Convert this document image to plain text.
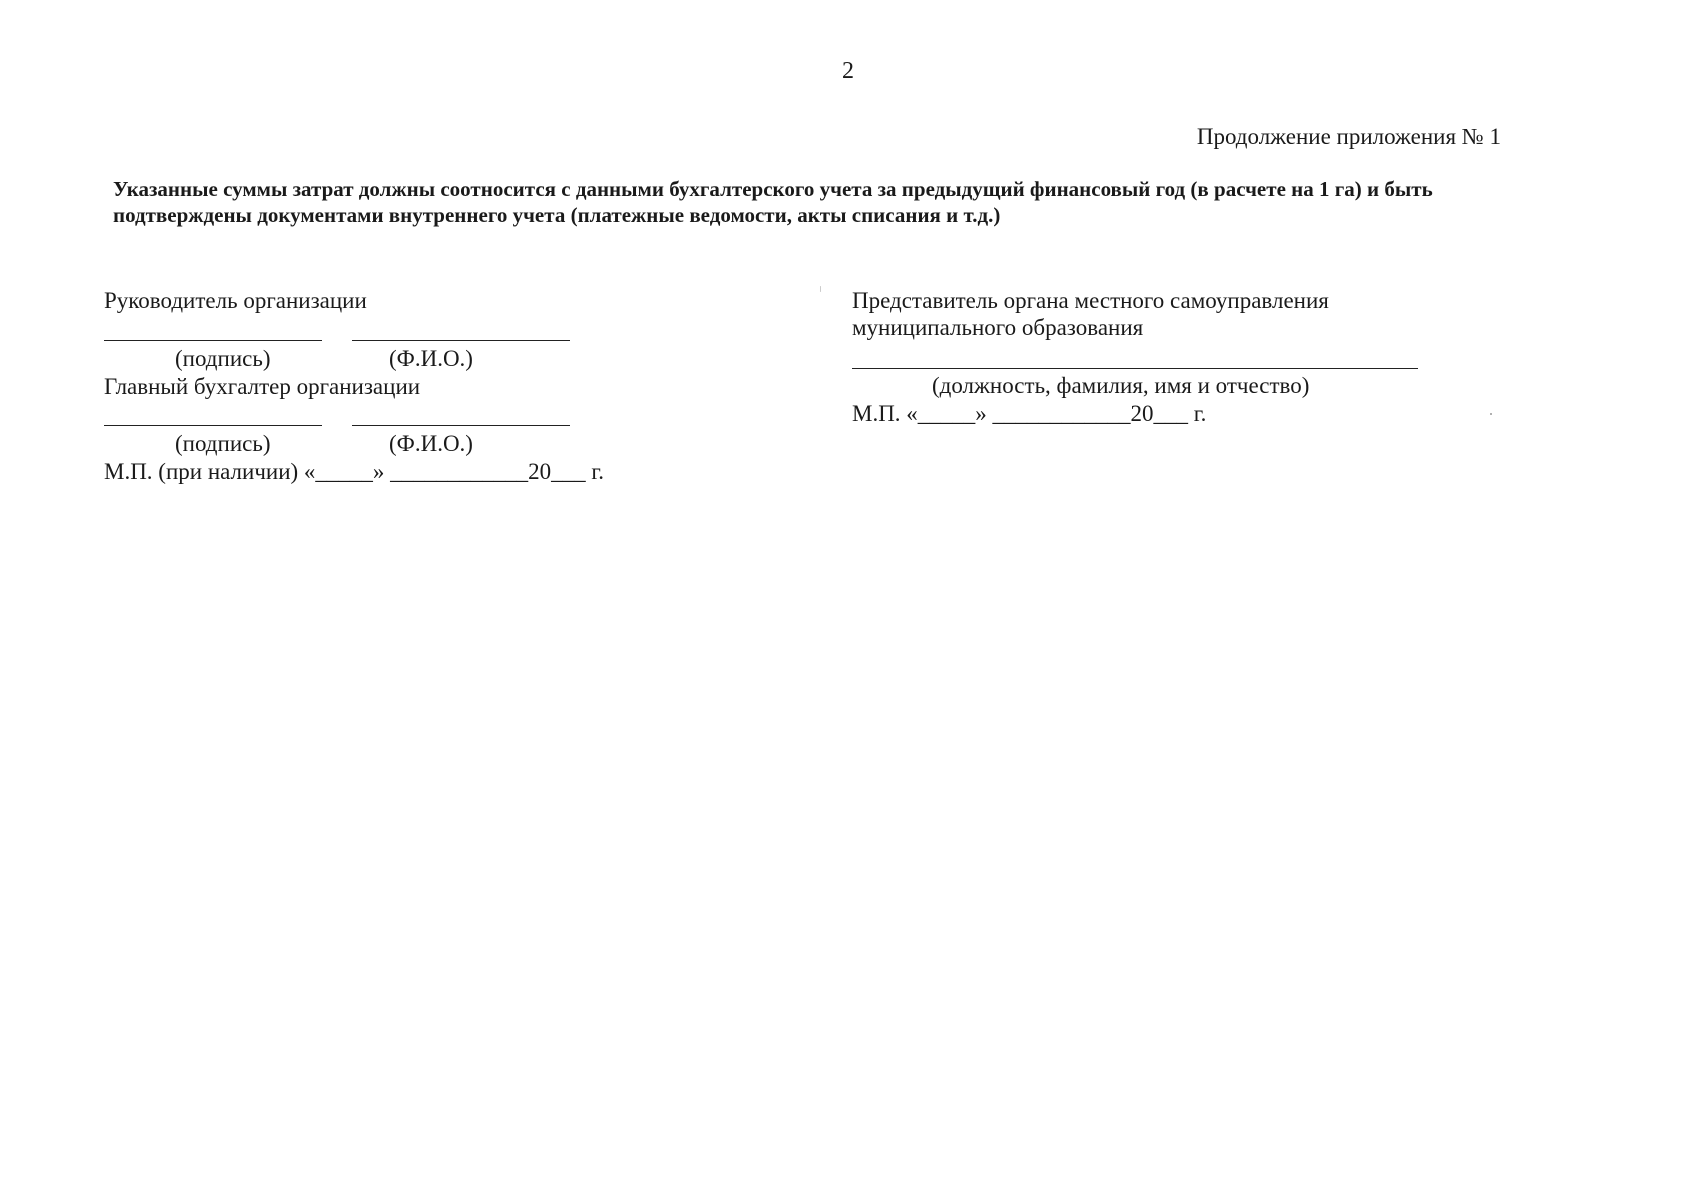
2
Продолжение приложения № 1
Указанные суммы затрат должны соотносится с данными бухгалтерского учета за предыдущий финансовый год (в расчете на 1 га) и быть подтверждены документами внутреннего учета (платежные ведомости, акты списания и т.д.)
Руководитель организации
(подпись)	(Ф.И.О.)
Главный бухгалтер организации
(подпись)	(Ф.И.О.)
М.П. (при наличии) «_____» ____________20___ г.
Представитель органа местного самоуправления
муниципального образования
(должность, фамилия, имя и отчество)
М.П. «_____» ____________20___ г.
